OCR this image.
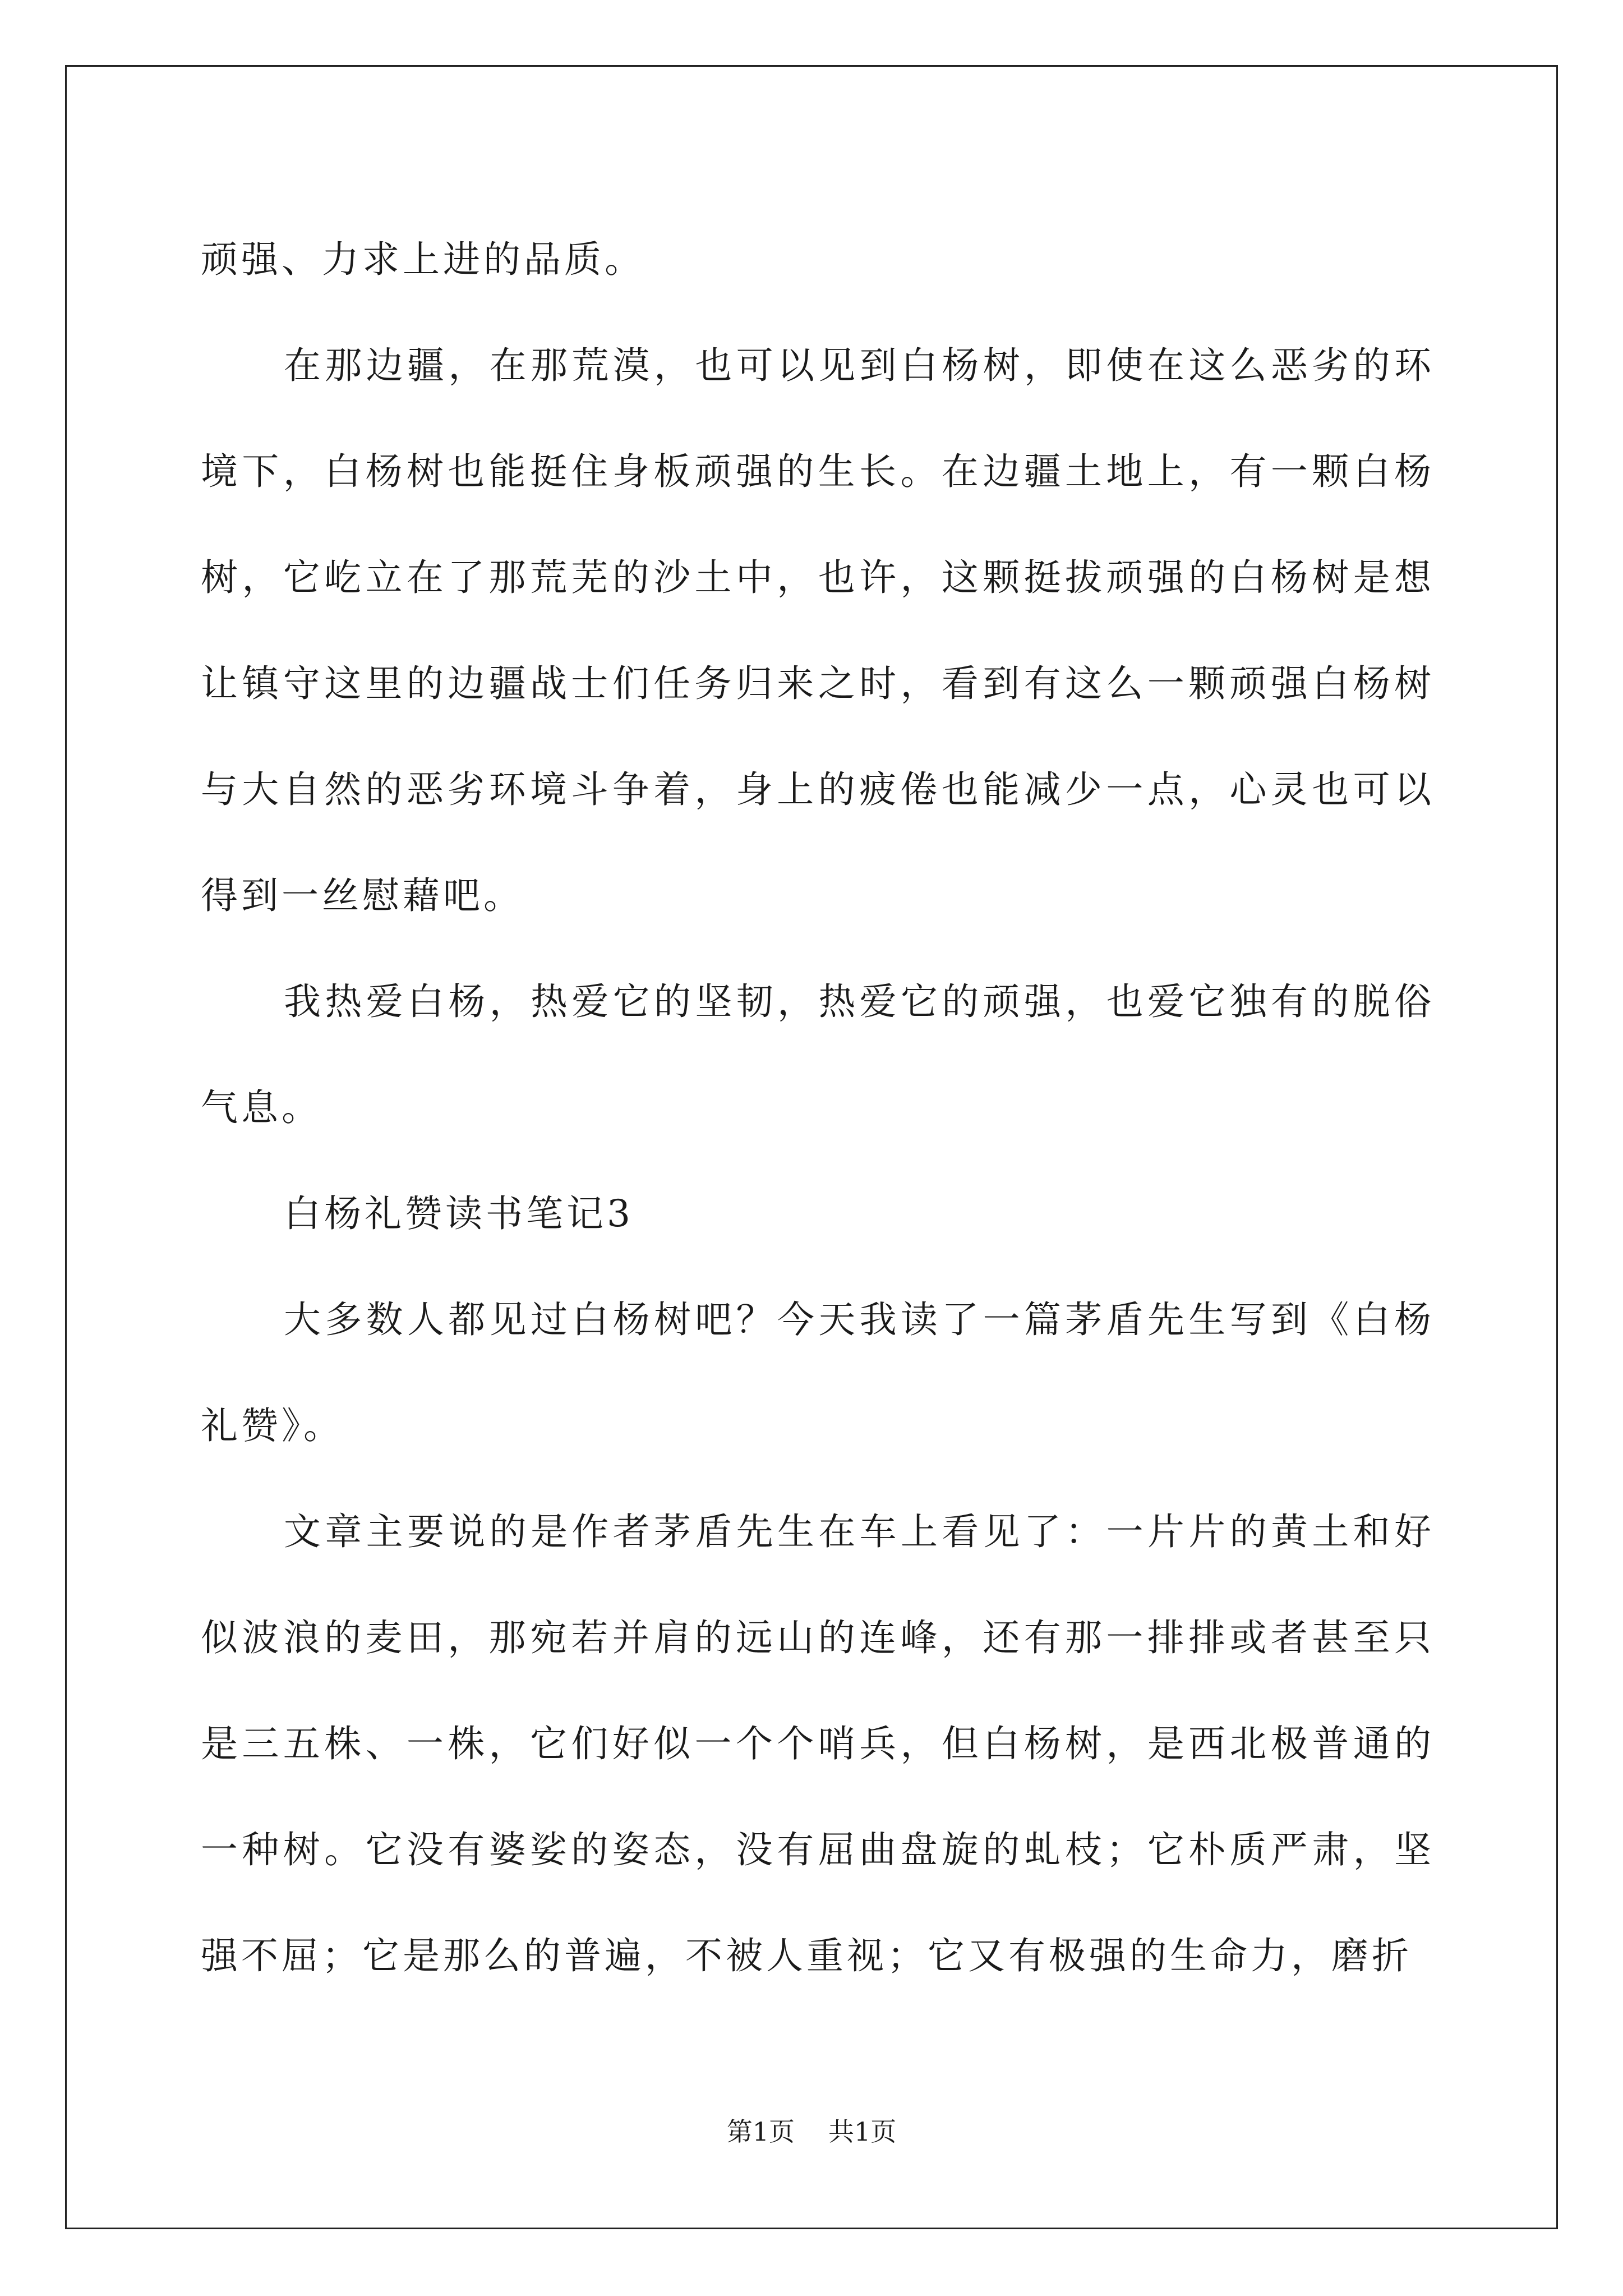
顽强、力求上进的品质。

在那边疆，在那荒漠，也可以见到白杨树，即使在这么恶劣的环境下，白杨树也能挺住身板顽强的生长。在边疆土地上，有一颗白杨树，它屹立在了那荒芜的沙土中，也许，这颗挺拔顽强的白杨树是想让镇守这里的边疆战士们任务归来之时，看到有这么一颗顽强白杨树与大自然的恶劣环境斗争着，身上的疲倦也能减少一点，心灵也可以得到一丝慰藉吧。

我热爱白杨，热爱它的坚韧，热爱它的顽强，也爱它独有的脱俗气息。

白杨礼赞读书笔记3

大多数人都见过白杨树吧？今天我读了一篇茅盾先生写到《白杨礼赞》。

文章主要说的是作者茅盾先生在车上看见了：一片片的黄土和好似波浪的麦田，那宛若并肩的远山的连峰，还有那一排排或者甚至只是三五株、一株，它们好似一个个哨兵，但白杨树，是西北极普通的一种树。它没有婆娑的姿态，没有屈曲盘旋的虬枝；它朴质严肃，坚强不屈；它是那么的普遍，不被人重视；它又有极强的生命力，磨折

第1页 共1页
